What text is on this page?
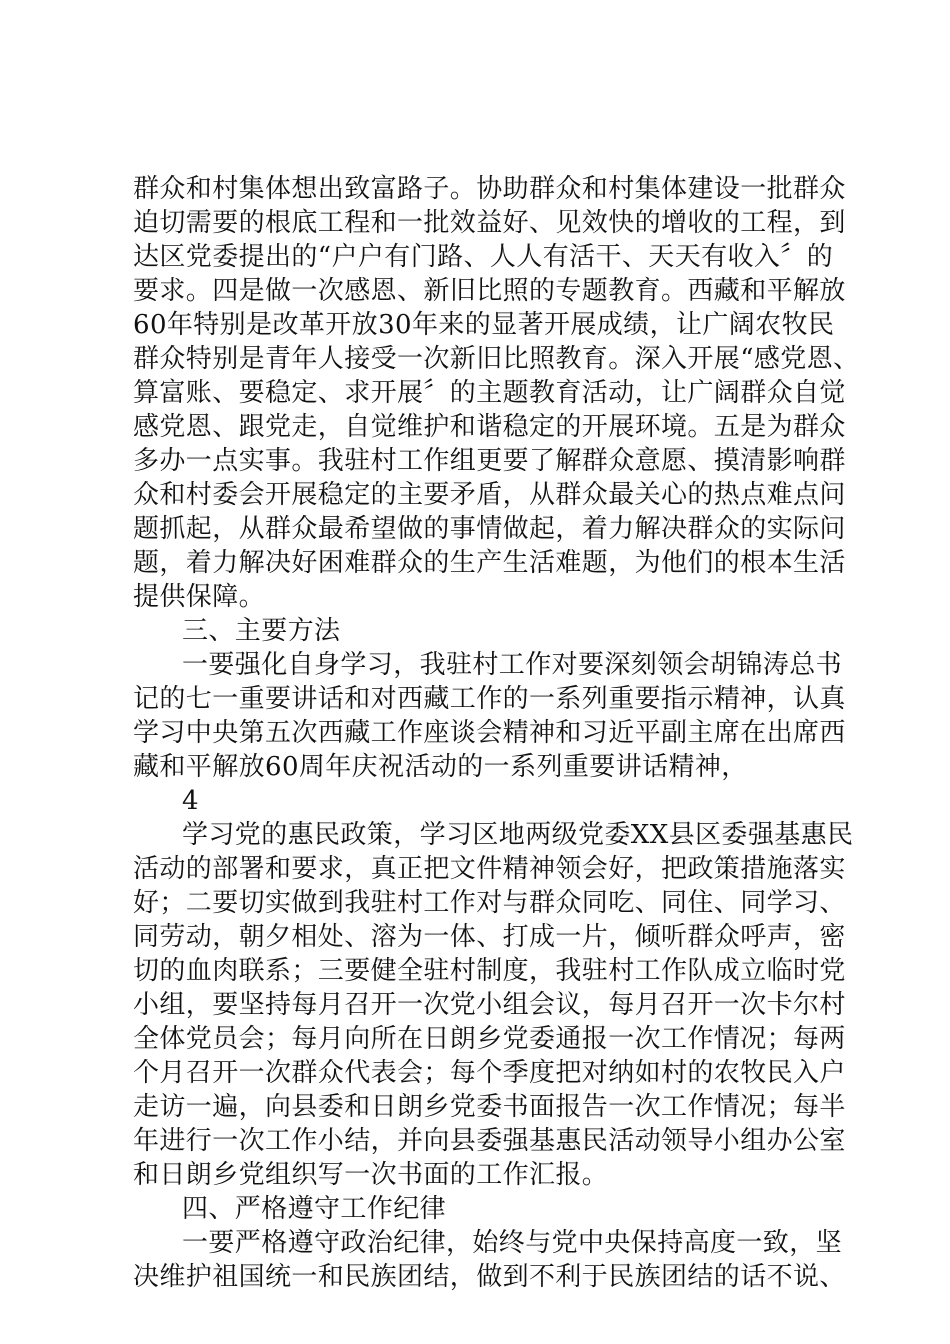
群众和村集体想出致富路子。协助群众和村集体建设一批群众

迫切需要的根底工程和一批效益好、见效快的增收的工程，到

达区党委提出的“户户有门路、人人有活干、天天有收入〞的

要求。四是做一次感恩、新旧比照的专题教育。西藏和平解放

60年特别是改革开放30年来的显著开展成绩，让广阔农牧民

群众特别是青年人接受一次新旧比照教育。深入开展“感党恩、

算富账、要稳定、求开展〞的主题教育活动，让广阔群众自觉

感党恩、跟党走，自觉维护和谐稳定的开展环境。五是为群众

多办一点实事。我驻村工作组更要了解群众意愿、摸清影响群

众和村委会开展稳定的主要矛盾，从群众最关心的热点难点问

题抓起，从群众最希望做的事情做起，着力解决群众的实际问

题，着力解决好困难群众的生产生活难题，为他们的根本生活

提供保障。

三、主要方法

一要强化自身学习，我驻村工作对要深刻领会胡锦涛总书

记的七一重要讲话和对西藏工作的一系列重要指示精神，认真

学习中央第五次西藏工作座谈会精神和习近平副主席在出席西

藏和平解放60周年庆祝活动的一系列重要讲话精神，

4

学习党的惠民政策，学习区地两级党委XX县区委强基惠民

活动的部署和要求，真正把文件精神领会好，把政策措施落实

好；二要切实做到我驻村工作对与群众同吃、同住、同学习、

同劳动，朝夕相处、溶为一体、打成一片，倾听群众呼声，密

切的血肉联系；三要健全驻村制度，我驻村工作队成立临时党

小组，要坚持每月召开一次党小组会议，每月召开一次卡尔村

全体党员会；每月向所在日朗乡党委通报一次工作情况；每两

个月召开一次群众代表会；每个季度把对纳如村的农牧民入户

走访一遍，向县委和日朗乡党委书面报告一次工作情况；每半

年进行一次工作小结，并向县委强基惠民活动领导小组办公室

和日朗乡党组织写一次书面的工作汇报。

四、严格遵守工作纪律

一要严格遵守政治纪律，始终与党中央保持高度一致，坚

决维护祖国统一和民族团结，做到不利于民族团结的话不说、
